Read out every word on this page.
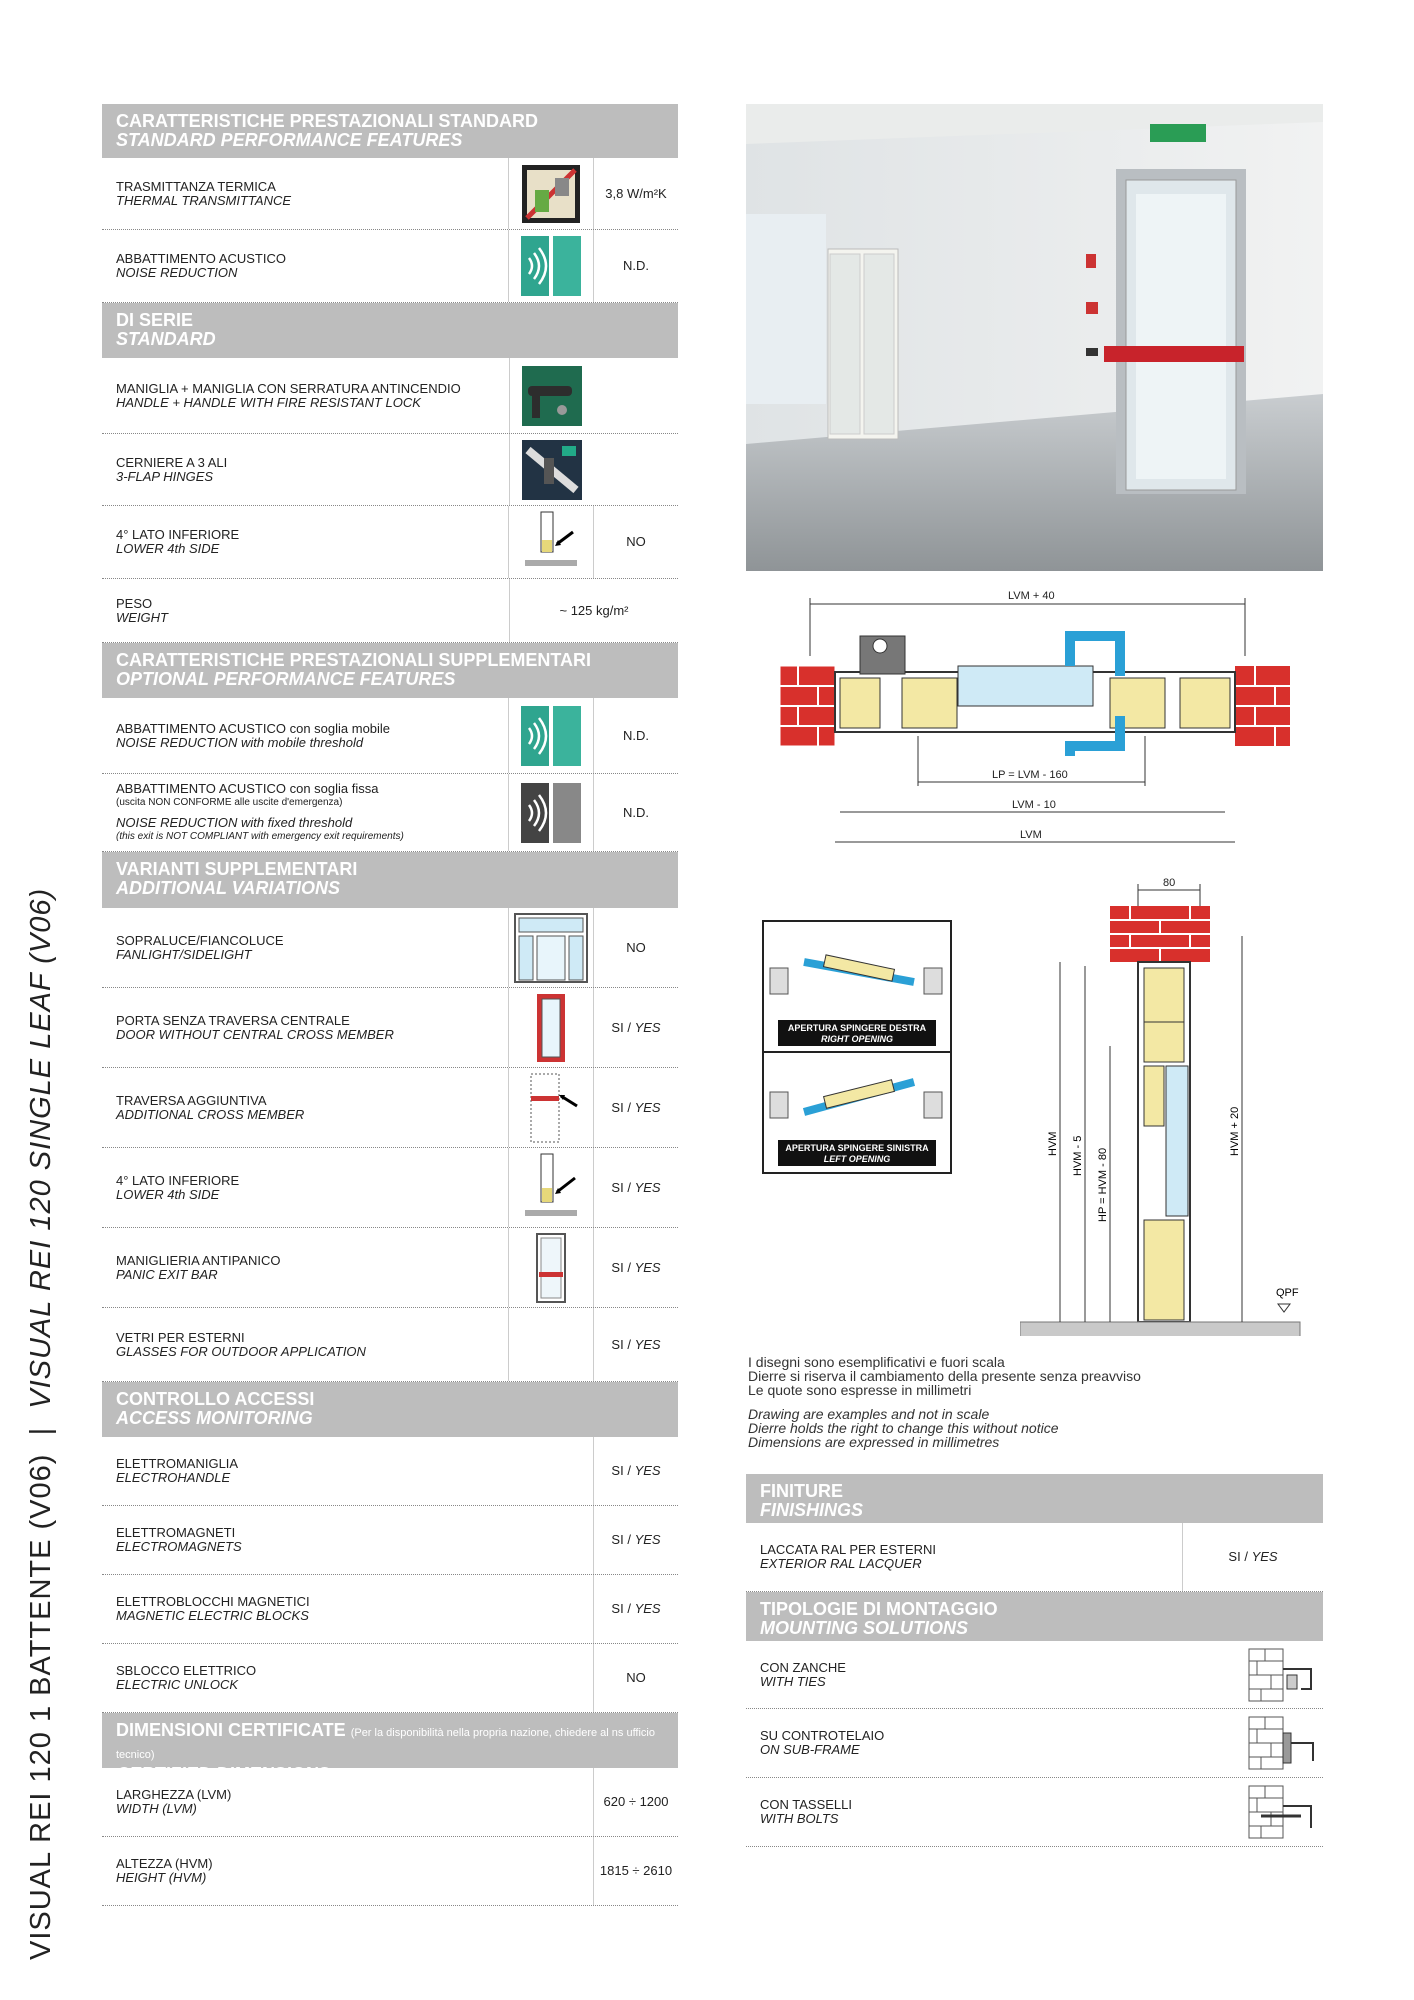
VISUAL REI 120 1 BATTENTE (V06)  |  VISUAL REI 120 SINGLE LEAF (V06)
CARATTERISTICHE PRESTAZIONALI STANDARD
STANDARD PERFORMANCE FEATURES
TRASMITTANZA TERMICA
THERMAL TRANSMITTANCE	3,8 W/m²K
ABBATTIMENTO ACUSTICO
NOISE REDUCTION	N.D.
DI SERIE
STANDARD
MANIGLIA + MANIGLIA CON SERRATURA ANTINCENDIO
HANDLE + HANDLE WITH FIRE RESISTANT LOCK
CERNIERE A 3 ALI
3-FLAP HINGES
4° LATO INFERIORE
LOWER 4th SIDE	NO
PESO
WEIGHT	~ 125 kg/m²
CARATTERISTICHE PRESTAZIONALI SUPPLEMENTARI
OPTIONAL PERFORMANCE FEATURES
ABBATTIMENTO ACUSTICO con soglia mobile
NOISE REDUCTION with mobile threshold	N.D.
ABBATTIMENTO ACUSTICO con soglia fissa
(uscita NON CONFORME alle uscite d'emergenza)
NOISE REDUCTION with fixed threshold
(this exit is NOT COMPLIANT with emergency exit requirements)
N.D.
VARIANTI SUPPLEMENTARI
ADDITIONAL VARIATIONS
SOPRALUCE/FIANCOLUCE
FANLIGHT/SIDELIGHT	NO
PORTA SENZA TRAVERSA CENTRALE
DOOR WITHOUT CENTRAL CROSS MEMBER	SI /
YES
TRAVERSA AGGIUNTIVA
ADDITIONAL CROSS MEMBER	SI /
YES
4° LATO INFERIORE
LOWER 4th SIDE	SI /
YES
MANIGLIERIA ANTIPANICO
PANIC EXIT BAR	SI /
YES
VETRI PER ESTERNI
GLASSES FOR OUTDOOR APPLICATION	SI /
YES
CONTROLLO ACCESSI
ACCESS MONITORING
ELETTROMANIGLIA
ELECTROHANDLE	SI /
YES
ELETTROMAGNETI
ELECTROMAGNETS	SI /
YES
ELETTROBLOCCHI MAGNETICI
MAGNETIC ELECTRIC BLOCKS	SI /
YES
SBLOCCO ELETTRICO
ELECTRIC UNLOCK	NO
DIMENSIONI CERTIFICATE (Per la disponibilità nella propria nazione, chiedere al ns ufficio tecnico)
CERTIFIED DIMENSIONS (Ask our technical assistance office for availability in your country)
LARGHEZZA (LVM)
WIDTH (LVM)	620 ÷ 1200
ALTEZZA (HVM)
HEIGHT (HVM)	1815 ÷ 2610
LVM + 40
LP = LVM - 160
LVM - 10
LVM
APERTURA SPINGERE DESTRA
RIGHT OPENING
APERTURA SPINGERE SINISTRA
LEFT OPENING
80
HVM HVM - 5 HP = HVM - 80
HVM + 20
QPF
I disegni sono esemplificativi e fuori scala
Dierre si riserva il cambiamento della presente senza preavviso
Le quote sono espresse in millimetri
Drawing are examples and not in scale
Dierre holds the right to change this without notice
Dimensions are expressed in millimetres
FINITURE
FINISHINGS
LACCATA RAL PER ESTERNI
EXTERIOR RAL LACQUER	SI /
YES
TIPOLOGIE DI MONTAGGIO
MOUNTING SOLUTIONS
CON ZANCHE
WITH TIES
SU CONTROTELAIO
ON SUB-FRAME
CON TASSELLI
WITH BOLTS
